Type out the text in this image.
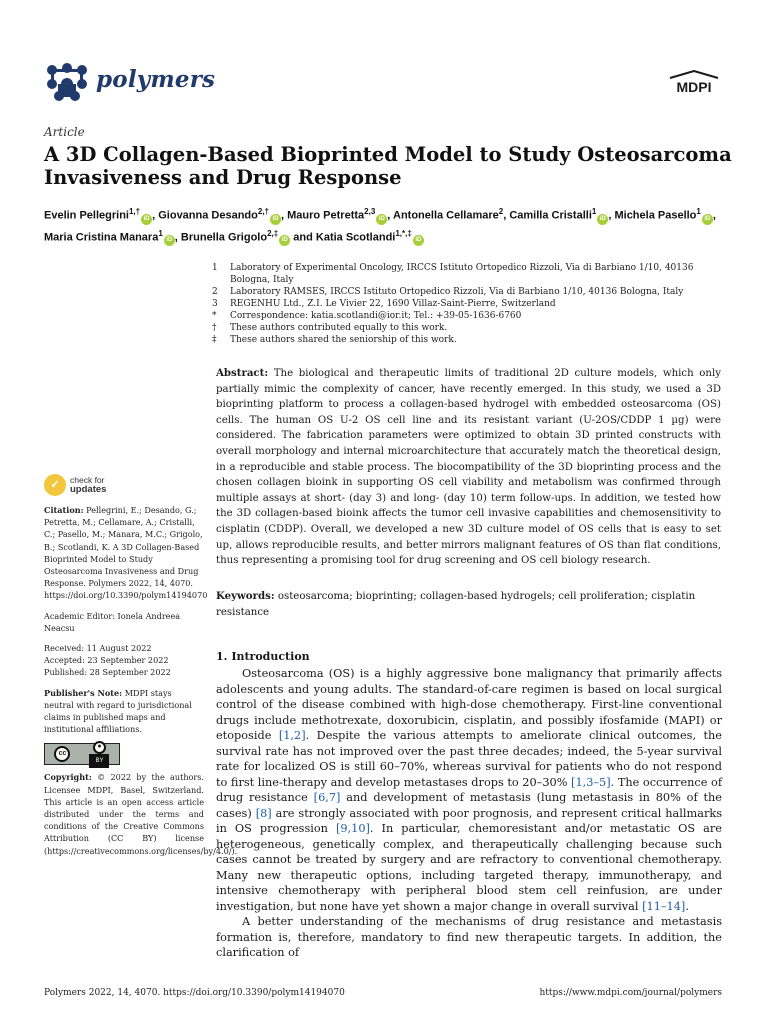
polymers	MDPI
Article
A 3D Collagen-Based Bioprinted Model to Study Osteosarcoma Invasiveness and Drug Response
Evelin Pellegrini$^{1,\dagger}$iD , Giovanna Desando$^{2,\dagger}$iD , Mauro Petretta$^{2,3}$iD , Antonella Cellamare$^2$, Camilla Cristalli$^1$iD , Michela Pasello$^1$iD , Maria Cristina Manara$^1$iD , Brunella Grigolo$^{2,\ddagger}$iD and Katia Scotlandi$^{1,*,\ddagger}$iD
1	Laboratory of Experimental Oncology, IRCCS Istituto Ortopedico Rizzoli, Via di Barbiano 1/10, 40136 Bologna, Italy
2	Laboratory RAMSES, IRCCS Istituto Ortopedico Rizzoli, Via di Barbiano 1/10, 40136 Bologna, Italy
3	REGENHU Ltd., Z.I. Le Vivier 22, 1690 Villaz-Saint-Pierre, Switzerland
*	Correspondence: katia.scotlandi@ior.it; Tel.: +39-05-1636-6760
†	These authors contributed equally to this work.
‡	These authors shared the seniorship of this work.
Abstract: The biological and therapeutic limits of traditional 2D culture models, which only partially mimic the complexity of cancer, have recently emerged. In this study, we used a 3D bioprinting platform to process a collagen-based hydrogel with embedded osteosarcoma (OS) cells. The human OS U-2 OS cell line and its resistant variant (U-2OS/CDDP 1 µg) were considered. The fabrication parameters were optimized to obtain 3D printed constructs with overall morphology and internal microarchitecture that accurately match the theoretical design, in a reproducible and stable process. The biocompatibility of the 3D bioprinting process and the chosen collagen bioink in supporting OS cell viability and metabolism was confirmed through multiple assays at short- (day 3) and long- (day 10) term follow-ups. In addition, we tested how the 3D collagen-based bioink affects the tumor cell invasive capabilities and chemosensitivity to cisplatin (CDDP). Overall, we developed a new 3D culture model of OS cells that is easy to set up, allows reproducible results, and better mirrors malignant features of OS than flat conditions, thus representing a promising tool for drug screening and OS cell biology research.
Keywords: osteosarcoma; bioprinting; collagen-based hydrogels; cell proliferation; cisplatin resistance
✓	check for
updates
Citation: Pellegrini, E.; Desando, G.; Petretta, M.; Cellamare, A.; Cristalli, C.; Pasello, M.; Manara, M.C.; Grigolo, B.; Scotlandi, K. A 3D Collagen-Based Bioprinted Model to Study Osteosarcoma Invasiveness and Drug Response. Polymers 2022, 14, 4070. https://doi.org/10.3390/polym14194070
Academic Editor: Ionela Andreea Neacsu
Received: 11 August 2022
Accepted: 23 September 2022
Published: 28 September 2022
Publisher's Note: MDPI stays neutral with regard to jurisdictional claims in published maps and institutional affiliations.
cc
●
BY
Copyright: © 2022 by the authors. Licensee MDPI, Basel, Switzerland. This article is an open access article distributed under the terms and conditions of the Creative Commons Attribution (CC BY) license (https://creativecommons.org/licenses/by/4.0/).
1. Introduction

Osteosarcoma (OS) is a highly aggressive bone malignancy that primarily affects adolescents and young adults. The standard-of-care regimen is based on local surgical control of the disease combined with high-dose chemotherapy. First-line conventional drugs include methotrexate, doxorubicin, cisplatin, and possibly ifosfamide (MAPI) or etoposide [1,2]. Despite the various attempts to ameliorate clinical outcomes, the survival rate has not improved over the past three decades; indeed, the 5-year survival rate for localized OS is still 60–70%, whereas survival for patients who do not respond to first line-therapy and develop metastases drops to 20–30% [1,3–5]. The occurrence of drug resistance [6,7] and development of metastasis (lung metastasis in 80% of the cases) [8] are strongly associated with poor prognosis, and represent critical hallmarks in OS progression [9,10]. In particular, chemoresistant and/or metastatic OS are heterogeneous, genetically complex, and therapeutically challenging because such cases cannot be treated by surgery and are refractory to conventional chemotherapy. Many new therapeutic options, including targeted therapy, immunotherapy, and intensive chemotherapy with peripheral blood stem cell reinfusion, are under investigation, but none have yet shown a major change in overall survival [11–14].

A better understanding of the mechanisms of drug resistance and metastasis formation is, therefore, mandatory to find new therapeutic targets. In addition, the clarification of

Polymers 2022, 14, 4070. https://doi.org/10.3390/polym14194070	https://www.mdpi.com/journal/polymers
